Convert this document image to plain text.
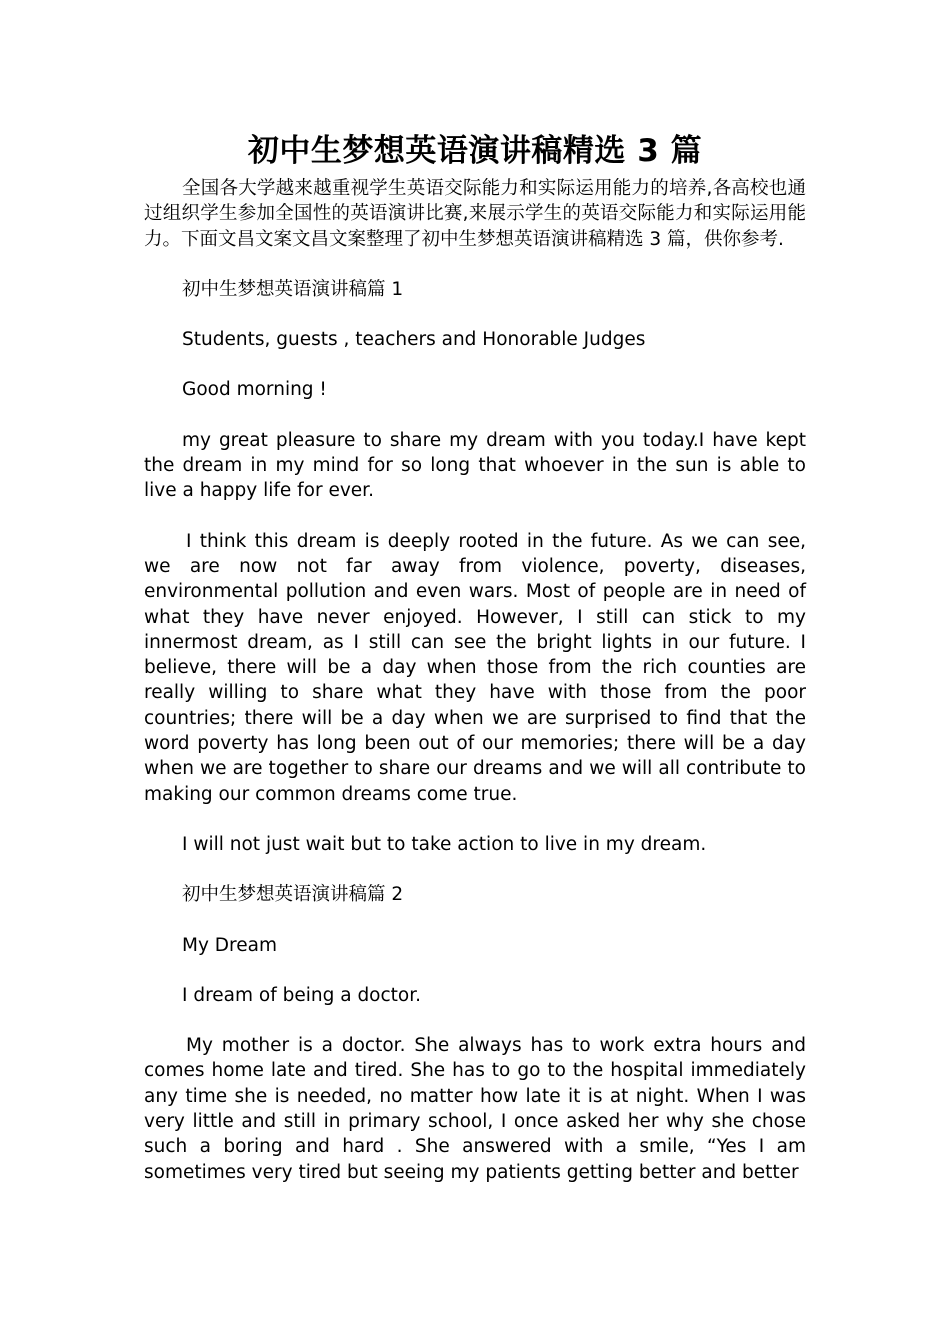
初中生梦想英语演讲稿精选 3 篇

全国各大学越来越重视学生英语交际能力和实际运用能力的培养,各高校也通过组织学生参加全国性的英语演讲比赛,来展示学生的英语交际能力和实际运用能力。下面文昌文案文昌文案整理了初中生梦想英语演讲稿精选 3 篇，供你参考.

初中生梦想英语演讲稿篇 1

Students, guests , teachers and Honorable Judges

Good morning !

my great pleasure to share my dream with you today.I have kept the dream in my mind for so long that whoever in the sun is able to live a happy life for ever.

I think this dream is deeply rooted in the future. As we can see, we are now not far away from violence, poverty, diseases, environmental pollution and even wars. Most of people are in need of what they have never enjoyed. However, I still can stick to my innermost dream, as I still can see the bright lights in our future. I believe, there will be a day when those from the rich counties are really willing to share what they have with those from the poor countries; there will be a day when we are surprised to find that the word poverty has long been out of our memories; there will be a day when we are together to share our dreams and we will all contribute to making our common dreams come true.

I will not just wait but to take action to live in my dream.

初中生梦想英语演讲稿篇 2

My Dream

I dream of being a doctor.

My mother is a doctor. She always has to work extra hours and comes home late and tired. She has to go to the hospital immediately any time she is needed, no matter how late it is at night. When I was very little and still in primary school, I once asked her why she chose such a boring and hard . She answered with a smile, “Yes I am sometimes very tired but seeing my patients getting better and better
